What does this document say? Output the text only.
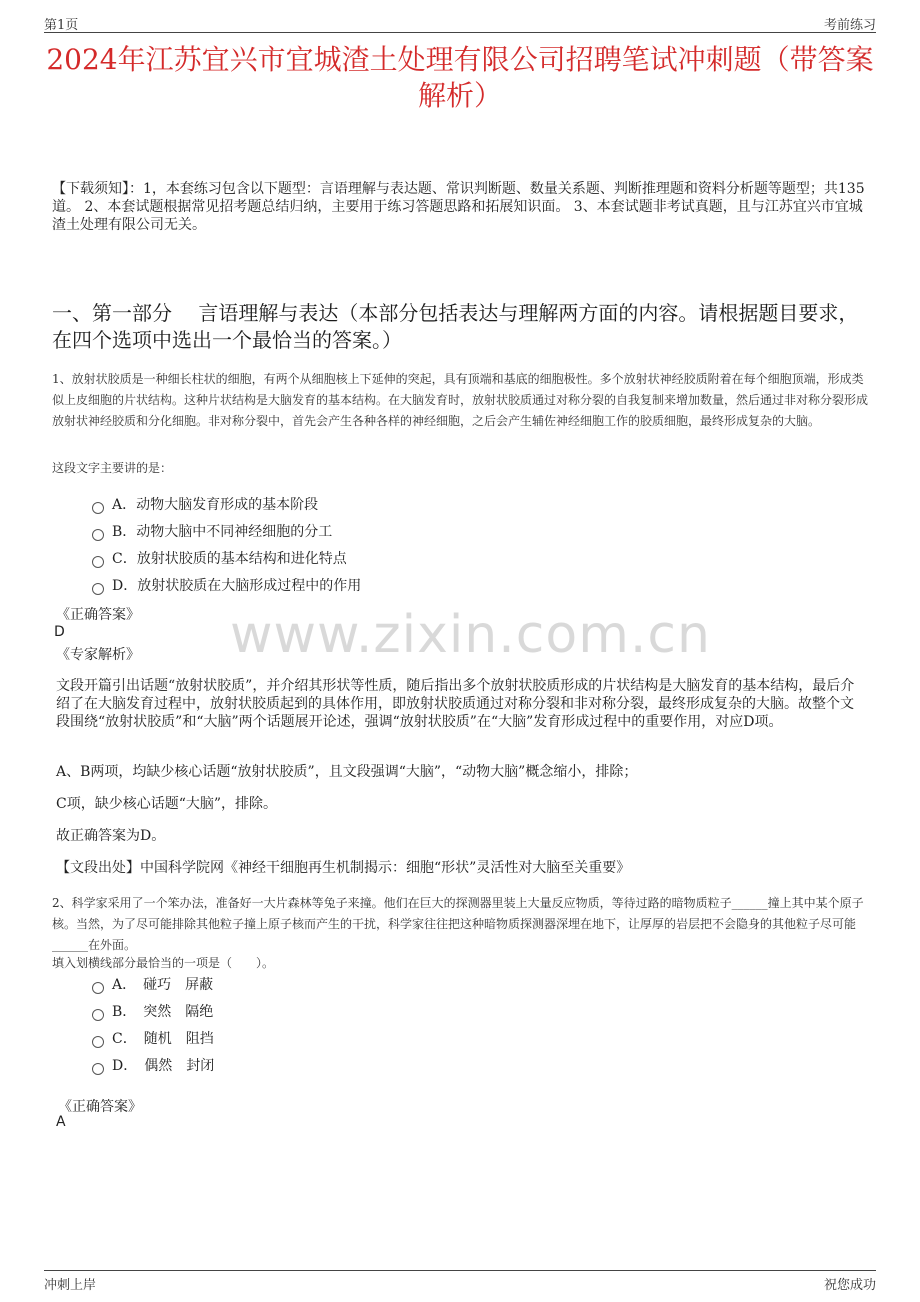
第1页	考前练习
2024年江苏宜兴市宜城渣土处理有限公司招聘笔试冲刺题（带答案解析）
【下载须知】：1，本套练习包含以下题型：言语理解与表达题、常识判断题、数量关系题、判断推理题和资料分析题等题型；共135道。 2、本套试题根据常见招考题总结归纳，主要用于练习答题思路和拓展知识面。 3、本套试题非考试真题，且与江苏宜兴市宜城渣土处理有限公司无关。
一、第一部分　 言语理解与表达（本部分包括表达与理解两方面的内容。请根据题目要求，在四个选项中选出一个最恰当的答案。）
1、放射状胶质是一种细长柱状的细胞，有两个从细胞核上下延伸的突起，具有顶端和基底的细胞极性。多个放射状神经胶质附着在每个细胞顶端，形成类似上皮细胞的片状结构。这种片状结构是大脑发育的基本结构。在大脑发育时，放射状胶质通过对称分裂的自我复制来增加数量，然后通过非对称分裂形成放射状神经胶质和分化细胞。非对称分裂中，首先会产生各种各样的神经细胞，之后会产生辅佐神经细胞工作的胶质细胞，最终形成复杂的大脑。
这段文字主要讲的是：
A．动物大脑发育形成的基本阶段
B．动物大脑中不同神经细胞的分工
C．放射状胶质的基本结构和进化特点
D．放射状胶质在大脑形成过程中的作用
《正确答案》
D
《专家解析》 www.zixin.com.cn
文段开篇引出话题“放射状胶质”，并介绍其形状等性质，随后指出多个放射状胶质形成的片状结构是大脑发育的基本结构，最后介绍了在大脑发育过程中，放射状胶质起到的具体作用，即放射状胶质通过对称分裂和非对称分裂，最终形成复杂的大脑。故整个文段围绕“放射状胶质”和“大脑”两个话题展开论述，强调“放射状胶质”在“大脑”发育形成过程中的重要作用，对应D项。
A、B两项，均缺少核心话题“放射状胶质”，且文段强调“大脑”，“动物大脑”概念缩小，排除；
C项，缺少核心话题“大脑”，排除。
故正确答案为D。
【文段出处】中国科学院网《神经干细胞再生机制揭示：细胞“形状”灵活性对大脑至关重要》
2、科学家采用了一个笨办法，准备好一大片森林等兔子来撞。他们在巨大的探测器里装上大量反应物质，等待过路的暗物质粒子______撞上其中某个原子核。当然，为了尽可能排除其他粒子撞上原子核而产生的干扰，科学家往往把这种暗物质探测器深埋在地下，让厚厚的岩层把不会隐身的其他粒子尽可能______在外面。
填入划横线部分最恰当的一项是（　　）。
A．　碰巧　屏蔽
B．　突然　隔绝
C．　随机　阻挡
D．　偶然　封闭
《正确答案》
A
冲刺上岸	祝您成功
